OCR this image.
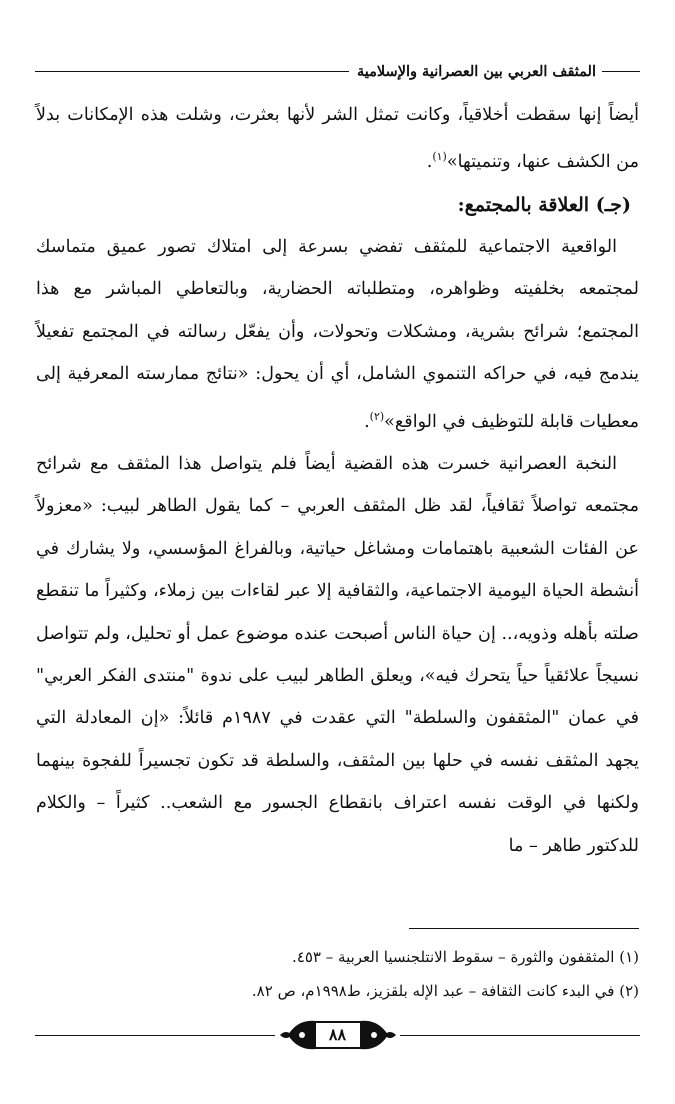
المثقف العربي بين العصرانية والإسلامية

أيضاً إنها سقطت أخلاقياً، وكانت تمثل الشر لأنها بعثرت، وشلت هذه الإمكانات بدلاً من الكشف عنها، وتنميتها»$^{(١)}$.

(جـ) العلاقة بالمجتمع:

الواقعية الاجتماعية للمثقف تفضي بسرعة إلى امتلاك تصور عميق متماسك لمجتمعه بخلفيته وظواهره، ومتطلباته الحضارية، وبالتعاطي المباشر مع هذا المجتمع؛ شرائح بشرية، ومشكلات وتحولات، وأن يفعّل رسالته في المجتمع تفعيلاً يندمج فيه، في حراكه التنموي الشامل، أي أن يحول: «نتائج ممارسته المعرفية إلى معطيات قابلة للتوظيف في الواقع»$^{(٢)}$.

النخبة العصرانية خسرت هذه القضية أيضاً فلم يتواصل هذا المثقف مع شرائح مجتمعه تواصلاً ثقافياً، لقد ظل المثقف العربي – كما يقول الطاهر لبيب: «معزولاً عن الفئات الشعبية باهتمامات ومشاغل حياتية، وبالفراغ المؤسسي، ولا يشارك في أنشطة الحياة اليومية الاجتماعية، والثقافية إلا عبر لقاءات بين زملاء، وكثيراً ما تنقطع صلته بأهله وذويه،.. إن حياة الناس أصبحت عنده موضوع عمل أو تحليل، ولم تتواصل نسيجاً علائقياً حياً يتحرك فيه»، ويعلق الطاهر لبيب على ندوة "منتدى الفكر العربي" في عمان "المثقفون والسلطة" التي عقدت في ١٩٨٧م قائلاً: «إن المعادلة التي يجهد المثقف نفسه في حلها بين المثقف، والسلطة قد تكون تجسيراً للفجوة بينهما ولكنها في الوقت نفسه اعتراف بانقطاع الجسور مع الشعب.. كثيراً – والكلام للدكتور طاهر – ما

(١) المثقفون والثورة – سقوط الانتلجنسيا العربية – ٤٥٣.
(٢) في البدء كانت الثقافة – عبد الإله بلقزيز، ط١٩٩٨م، ص ٨٢.
٨٨
